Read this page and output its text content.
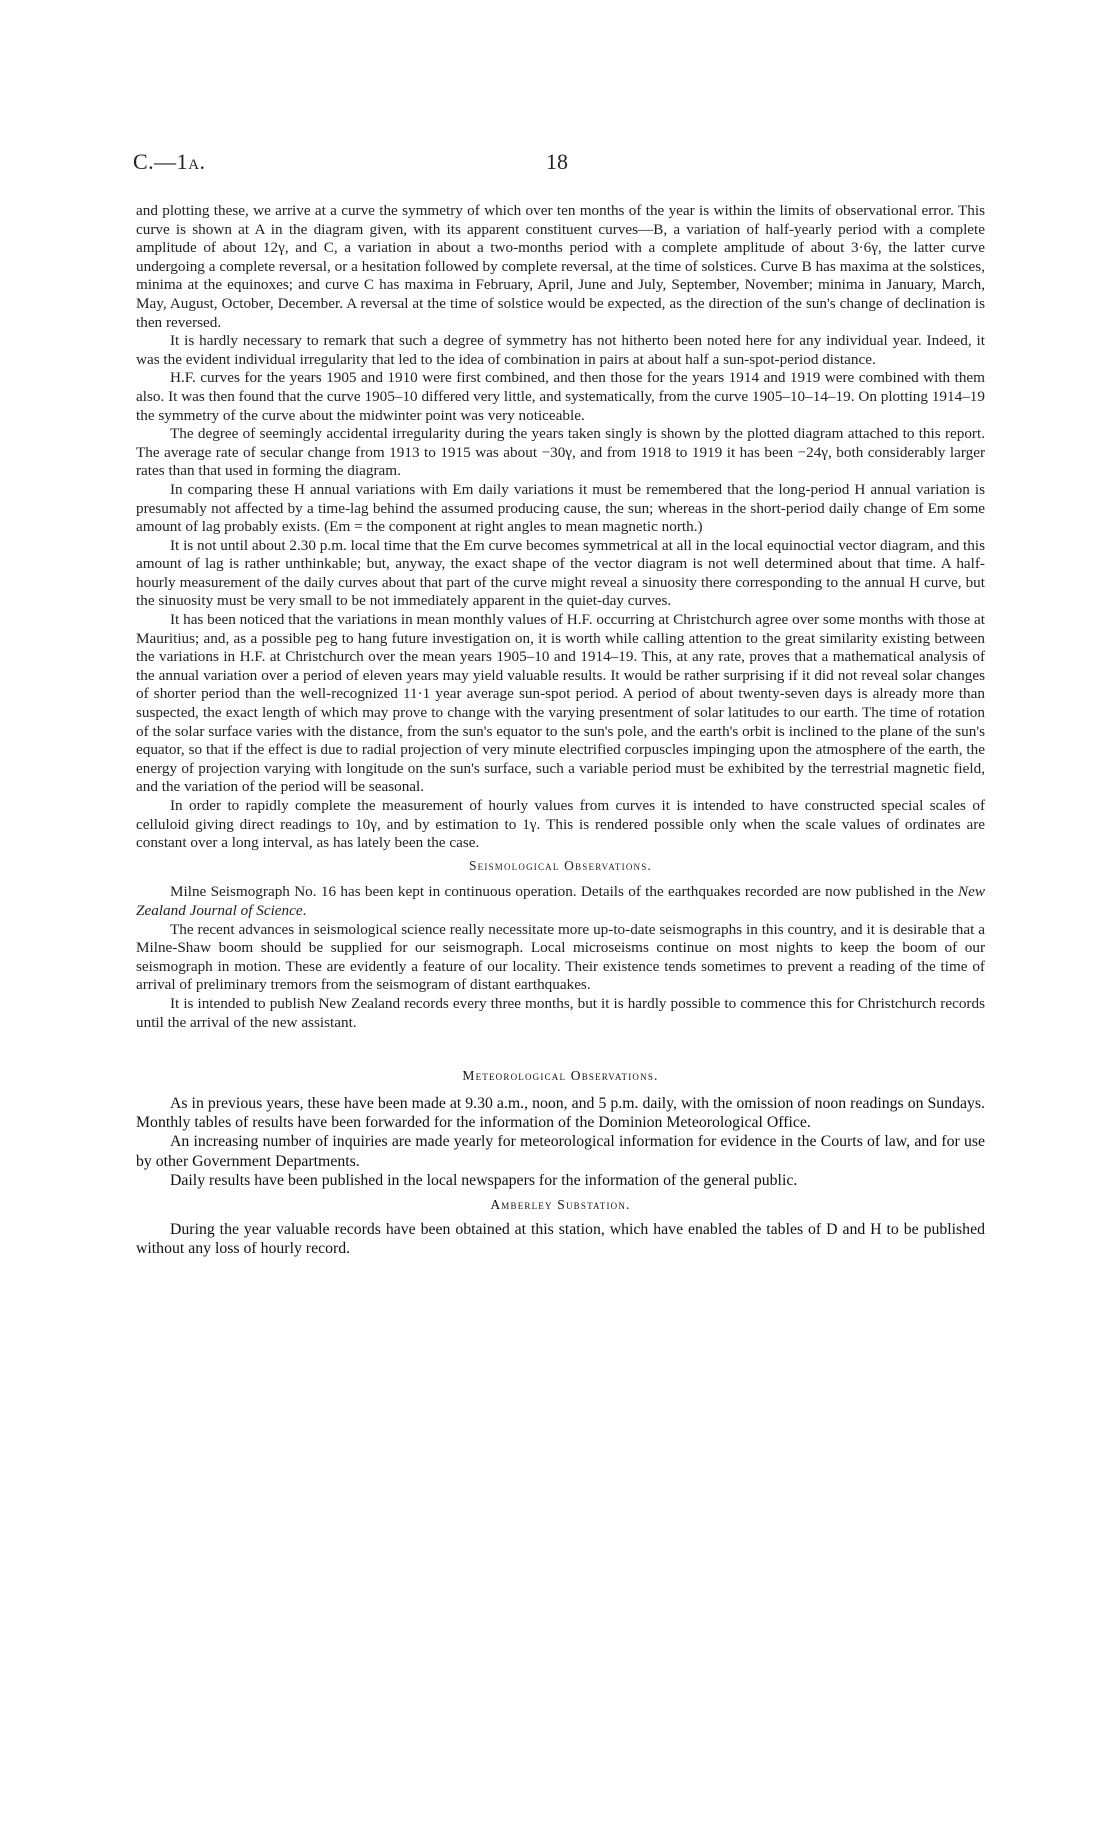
C.—1A.	18

and plotting these, we arrive at a curve the symmetry of which over ten months of the year is within the limits of observational error. This curve is shown at A in the diagram given, with its apparent constituent curves—B, a variation of half-yearly period with a complete amplitude of about 12γ, and C, a variation in about a two-months period with a complete amplitude of about 3·6γ, the latter curve undergoing a complete reversal, or a hesitation followed by complete reversal, at the time of solstices. Curve B has maxima at the solstices, minima at the equinoxes; and curve C has maxima in February, April, June and July, September, November; minima in January, March, May, August, October, December. A reversal at the time of solstice would be expected, as the direction of the sun's change of declination is then reversed.

It is hardly necessary to remark that such a degree of symmetry has not hitherto been noted here for any individual year. Indeed, it was the evident individual irregularity that led to the idea of combination in pairs at about half a sun-spot-period distance.

H.F. curves for the years 1905 and 1910 were first combined, and then those for the years 1914 and 1919 were combined with them also. It was then found that the curve 1905–10 differed very little, and systematically, from the curve 1905–10–14–19. On plotting 1914–19 the symmetry of the curve about the midwinter point was very noticeable.

The degree of seemingly accidental irregularity during the years taken singly is shown by the plotted diagram attached to this report. The average rate of secular change from 1913 to 1915 was about −30γ, and from 1918 to 1919 it has been −24γ, both considerably larger rates than that used in forming the diagram.

In comparing these H annual variations with Em daily variations it must be remembered that the long-period H annual variation is presumably not affected by a time-lag behind the assumed producing cause, the sun; whereas in the short-period daily change of Em some amount of lag probably exists. (Em = the component at right angles to mean magnetic north.)

It is not until about 2.30 p.m. local time that the Em curve becomes symmetrical at all in the local equinoctial vector diagram, and this amount of lag is rather unthinkable; but, anyway, the exact shape of the vector diagram is not well determined about that time. A half-hourly measurement of the daily curves about that part of the curve might reveal a sinuosity there corresponding to the annual H curve, but the sinuosity must be very small to be not immediately apparent in the quiet-day curves.

It has been noticed that the variations in mean monthly values of H.F. occurring at Christchurch agree over some months with those at Mauritius; and, as a possible peg to hang future investigation on, it is worth while calling attention to the great similarity existing between the variations in H.F. at Christchurch over the mean years 1905–10 and 1914–19. This, at any rate, proves that a mathematical analysis of the annual variation over a period of eleven years may yield valuable results. It would be rather surprising if it did not reveal solar changes of shorter period than the well-recognized 11·1 year average sun-spot period. A period of about twenty-seven days is already more than suspected, the exact length of which may prove to change with the varying presentment of solar latitudes to our earth. The time of rotation of the solar surface varies with the distance, from the sun's equator to the sun's pole, and the earth's orbit is inclined to the plane of the sun's equator, so that if the effect is due to radial projection of very minute electrified corpuscles impinging upon the atmosphere of the earth, the energy of projection varying with longitude on the sun's surface, such a variable period must be exhibited by the terrestrial magnetic field, and the variation of the period will be seasonal.

In order to rapidly complete the measurement of hourly values from curves it is intended to have constructed special scales of celluloid giving direct readings to 10γ, and by estimation to 1γ. This is rendered possible only when the scale values of ordinates are constant over a long interval, as has lately been the case.

Seismological Observations.

Milne Seismograph No. 16 has been kept in continuous operation. Details of the earthquakes recorded are now published in the New Zealand Journal of Science.

The recent advances in seismological science really necessitate more up-to-date seismographs in this country, and it is desirable that a Milne-Shaw boom should be supplied for our seismograph. Local microseisms continue on most nights to keep the boom of our seismograph in motion. These are evidently a feature of our locality. Their existence tends sometimes to prevent a reading of the time of arrival of preliminary tremors from the seismogram of distant earthquakes.

It is intended to publish New Zealand records every three months, but it is hardly possible to commence this for Christchurch records until the arrival of the new assistant.

Meteorological Observations.

As in previous years, these have been made at 9.30 a.m., noon, and 5 p.m. daily, with the omission of noon readings on Sundays. Monthly tables of results have been forwarded for the information of the Dominion Meteorological Office.

An increasing number of inquiries are made yearly for meteorological information for evidence in the Courts of law, and for use by other Government Departments.

Daily results have been published in the local newspapers for the information of the general public.

Amberley Substation.

During the year valuable records have been obtained at this station, which have enabled the tables of D and H to be published without any loss of hourly record.
